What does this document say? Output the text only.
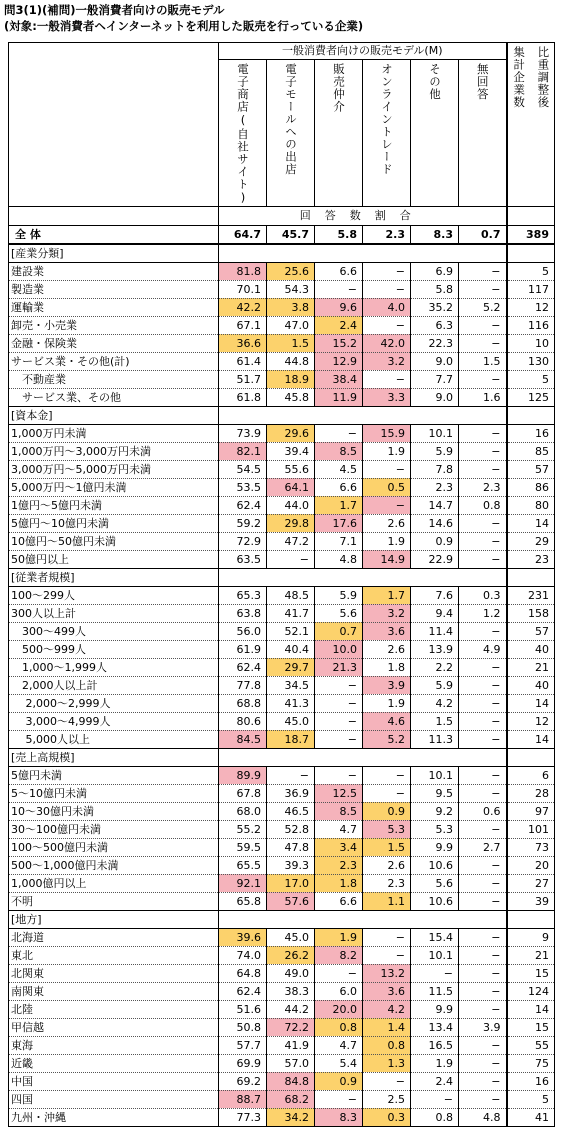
問3(1)(補問)一般消費者向けの販売モデル
(対象:一般消費者ヘインターネットを利用した販売を行っている企業)

	一般消費者向けの販売モデル(M)						集計企業数 比重調整後

	電子商店(自社サイト)	電子モールへの出店	販売仲介	オンライントレード	その他	無回答	

	回答数割合						
全 体	64.7	45.7	5.8	2.3	8.3	0.7	389
[産業分類]							
建設業	81.8	25.6	6.6	−	6.9	−	5
製造業	70.1	54.3	−	−	5.8	−	117
運輸業	42.2	3.8	9.6	4.0	35.2	5.2	12
卸売・小売業	67.1	47.0	2.4	−	6.3	−	116
金融・保険業	36.6	1.5	15.2	42.0	22.3	−	10
サービス業・その他(計)	61.4	44.8	12.9	3.2	9.0	1.5	130
　不動産業	51.7	18.9	38.4	−	7.7	−	5
　サービス業、その他	61.8	45.8	11.9	3.3	9.0	1.6	125
[資本金]							
1,000万円未満	73.9	29.6	−	15.9	10.1	−	16
1,000万円〜3,000万円未満	82.1	39.4	8.5	1.9	5.9	−	85
3,000万円〜5,000万円未満	54.5	55.6	4.5	−	7.8	−	57
5,000万円〜1億円未満	53.5	64.1	6.6	0.5	2.3	2.3	86
1億円〜5億円未満	62.4	44.0	1.7	−	14.7	0.8	80
5億円〜10億円未満	59.2	29.8	17.6	2.6	14.6	−	14
10億円〜50億円未満	72.9	47.2	7.1	1.9	0.9	−	29
50億円以上	63.5	−	4.8	14.9	22.9	−	23
[従業者規模]							
100〜299人	65.3	48.5	5.9	1.7	7.6	0.3	231
300人以上計	63.8	41.7	5.6	3.2	9.4	1.2	158
　300〜499人	56.0	52.1	0.7	3.6	11.4	−	57
　500〜999人	61.9	40.4	10.0	2.6	13.9	4.9	40
　1,000〜1,999人	62.4	29.7	21.3	1.8	2.2	−	21
　2,000人以上計	77.8	34.5	−	3.9	5.9	−	40
　 2,000〜2,999人	68.8	41.3	−	1.9	4.2	−	14
　 3,000〜4,999人	80.6	45.0	−	4.6	1.5	−	12
　 5,000人以上	84.5	18.7	−	5.2	11.3	−	14
[売上高規模]							
5億円未満	89.9	−	−	−	10.1	−	6
5〜10億円未満	67.8	36.9	12.5	−	9.5	−	28
10〜30億円未満	68.0	46.5	8.5	0.9	9.2	0.6	97
30〜100億円未満	55.2	52.8	4.7	5.3	5.3	−	101
100〜500億円未満	59.5	47.8	3.4	1.5	9.9	2.7	73
500〜1,000億円未満	65.5	39.3	2.3	2.6	10.6	−	20
1,000億円以上	92.1	17.0	1.8	2.3	5.6	−	27
不明	65.8	57.6	6.6	1.1	10.6	−	39
[地方]							
北海道	39.6	45.0	1.9	−	15.4	−	9
東北	74.0	26.2	8.2	−	10.1	−	21
北関東	64.8	49.0	−	13.2	−	−	15
南関東	62.4	38.3	6.0	3.6	11.5	−	124
北陸	51.6	44.2	20.0	4.2	9.9	−	14
甲信越	50.8	72.2	0.8	1.4	13.4	3.9	15
東海	57.7	41.9	4.7	0.8	16.5	−	55
近畿	69.9	57.0	5.4	1.3	1.9	−	75
中国	69.2	84.8	0.9	−	2.4	−	16
四国	88.7	68.2	−	2.5	−	−	5
九州・沖縄	77.3	34.2	8.3	0.3	0.8	4.8	41
